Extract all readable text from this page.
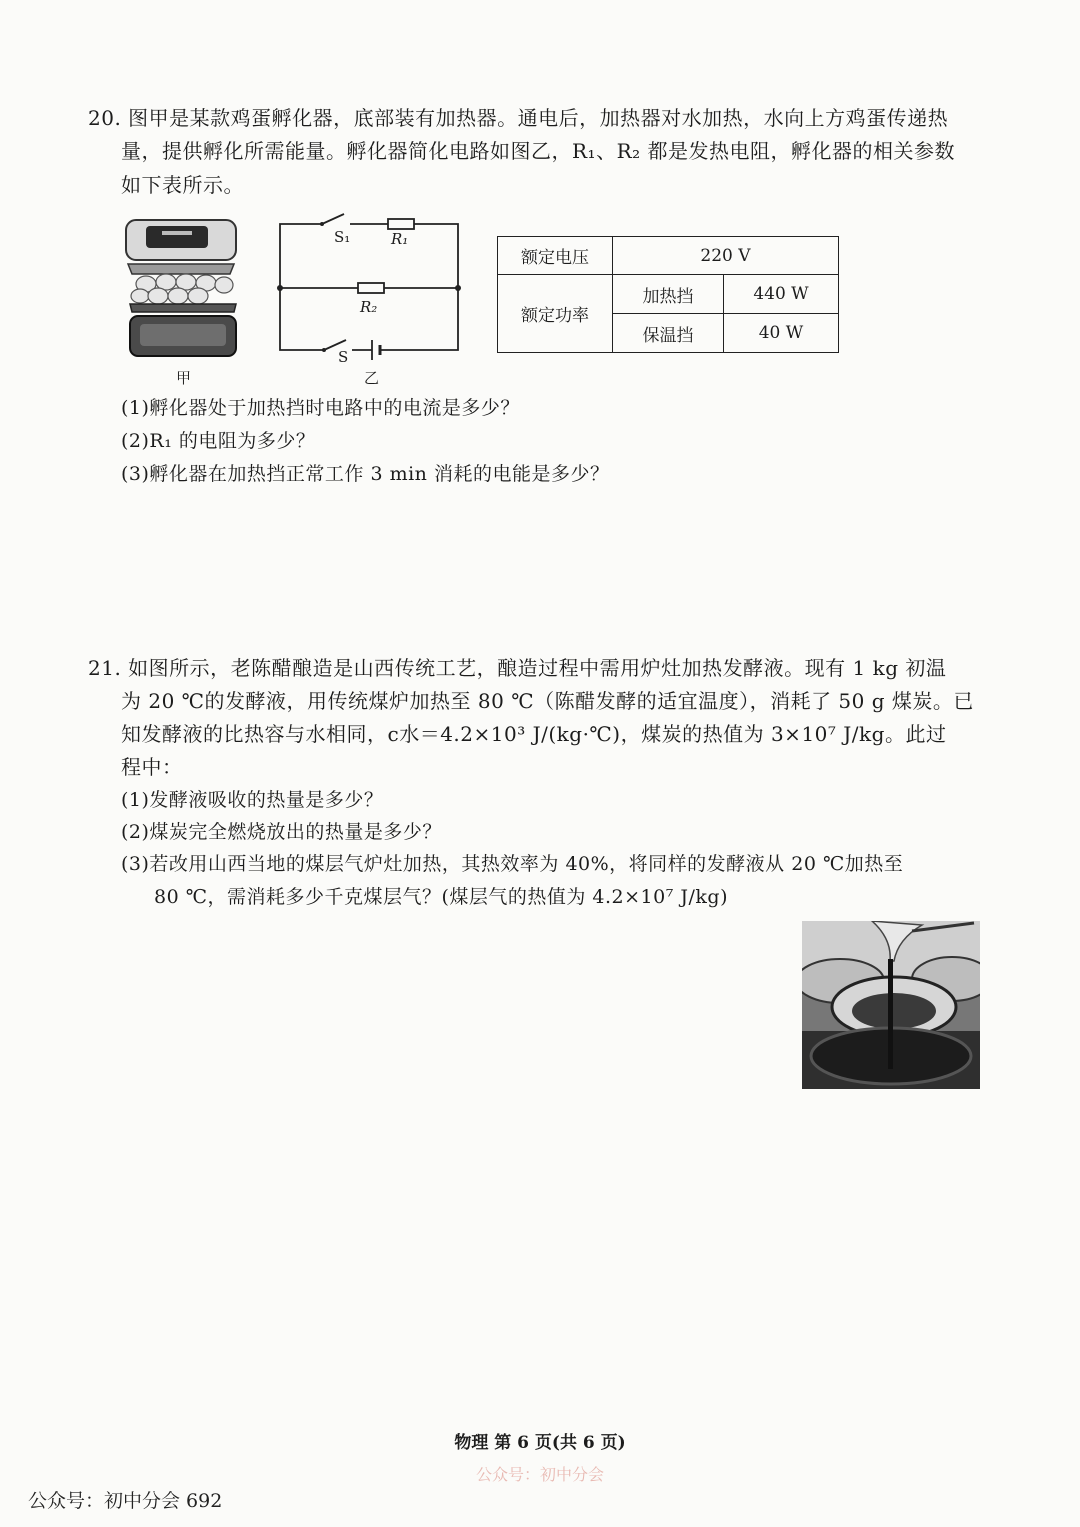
20. 图甲是某款鸡蛋孵化器，底部装有加热器。通电后，加热器对水加热，水向上方鸡蛋传递热
量，提供孵化所需能量。孵化器简化电路如图乙，R₁、R₂ 都是发热电阻，孵化器的相关参数
如下表所示。
甲
S₁	R₁
R₂
S
乙
额定电压	220 V	
额定功率	加热挡	440 W
	保温挡	40 W
(1)孵化器处于加热挡时电路中的电流是多少？
(2)R₁ 的电阻为多少？
(3)孵化器在加热挡正常工作 3 min 消耗的电能是多少？
21. 如图所示，老陈醋酿造是山西传统工艺，酿造过程中需用炉灶加热发酵液。现有 1 kg 初温
为 20 ℃的发酵液，用传统煤炉加热至 80 ℃（陈醋发酵的适宜温度），消耗了 50 g 煤炭。已
知发酵液的比热容与水相同，c水＝4.2×10³ J/(kg·℃)，煤炭的热值为 3×10⁷ J/kg。此过
程中：
(1)发酵液吸收的热量是多少？
(2)煤炭完全燃烧放出的热量是多少？
(3)若改用山西当地的煤层气炉灶加热，其热效率为 40%，将同样的发酵液从 20 ℃加热至
80 ℃，需消耗多少千克煤层气？(煤层气的热值为 4.2×10⁷ J/kg)
物理 第 6 页(共 6 页)
公众号：初中分会
公众号：初中分会 692
